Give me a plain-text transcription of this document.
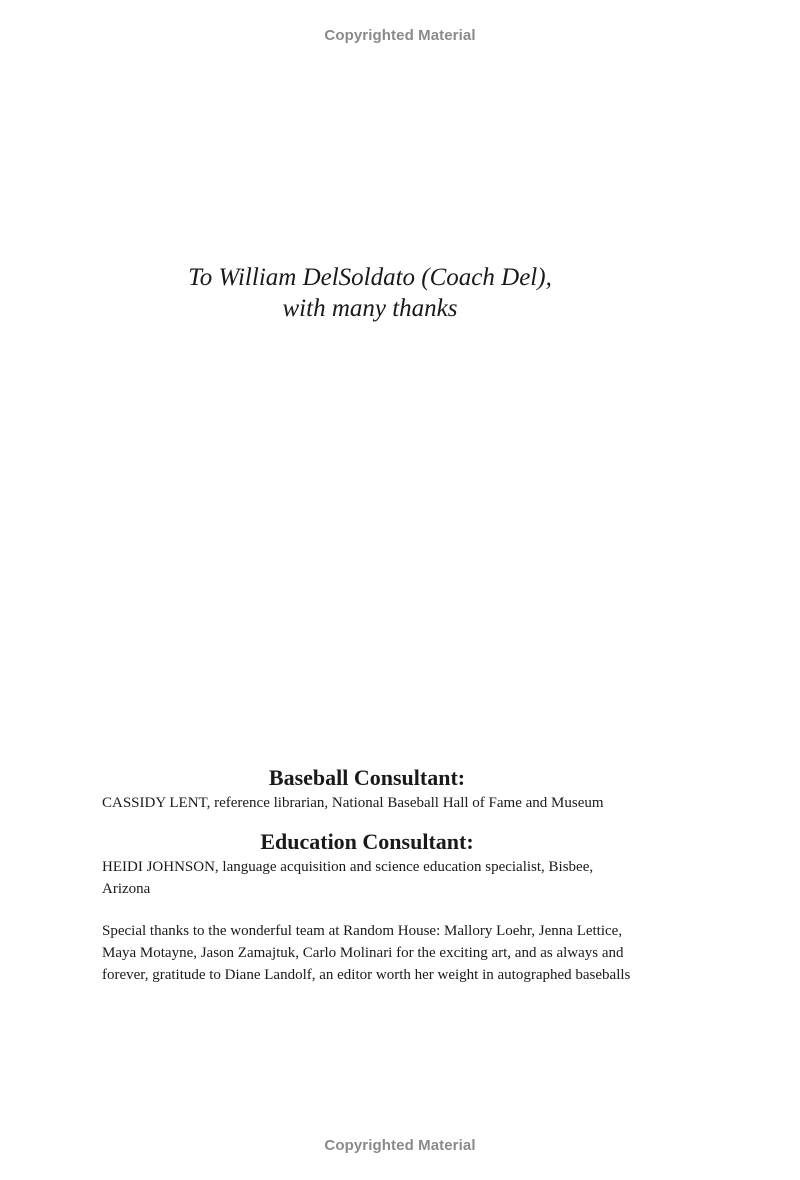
Copyrighted Material
To William DelSoldato (Coach Del),
with many thanks
Baseball Consultant:

CASSIDY LENT, reference librarian, National Baseball Hall of Fame and Museum

Education Consultant:

HEIDI JOHNSON, language acquisition and science education specialist, Bisbee, Arizona

Special thanks to the wonderful team at Random House: Mallory Loehr, Jenna Lettice, Maya Motayne, Jason Zamajtuk, Carlo Molinari for the exciting art, and as always and forever, gratitude to Diane Landolf, an editor worth her weight in autographed baseballs

Copyrighted Material
